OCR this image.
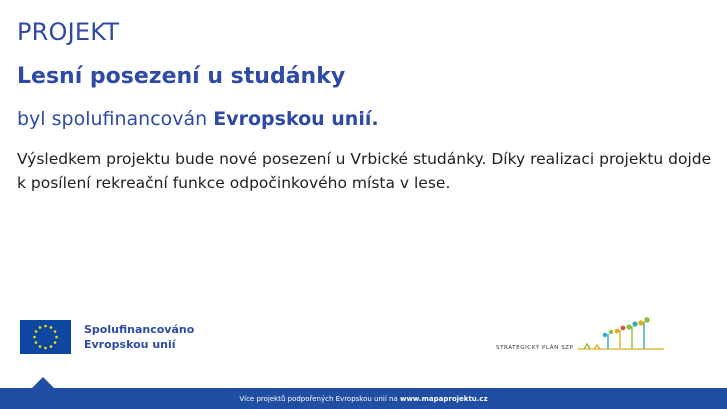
PROJEKT
Lesní posezení u studánky
byl spolufinancován Evropskou unií.
Výsledkem projektu bude nové posezení u Vrbické studánky. Díky realizaci projektu dojde k posílení rekreační funkce odpočinkového místa v lese.
Spolufinancováno
Evropskou unií	STRATEGICKÝ PLÁN SZP
Více projektů podpořených Evropskou unií na
www.mapaprojektu.cz
